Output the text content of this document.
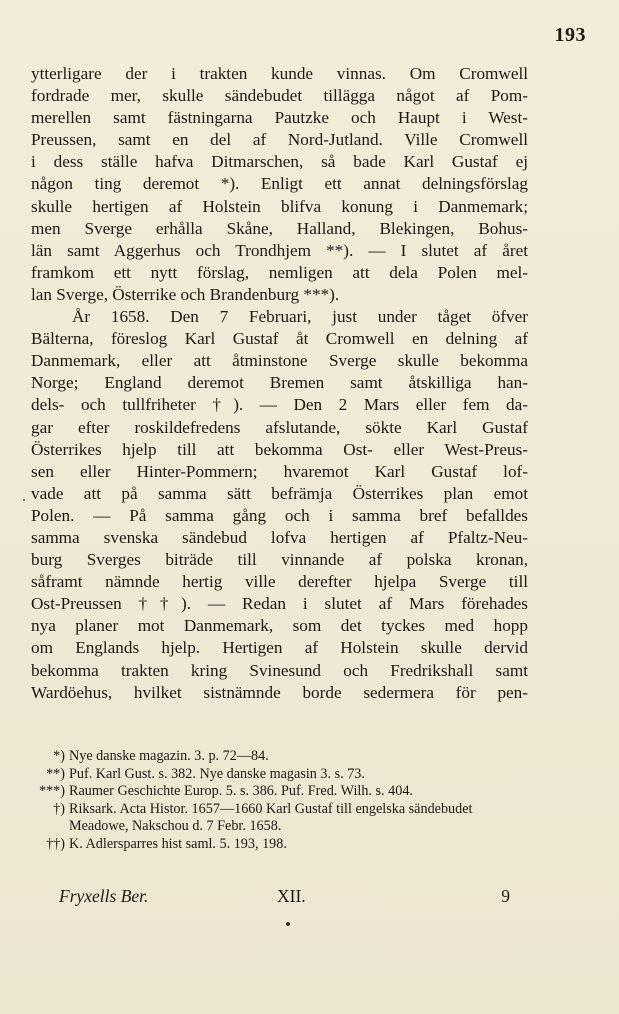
193
ytterligare der i trakten kunde vinnas. Om Cromwell
fordrade mer, skulle sändebudet tillägga något af Pom-
merellen samt fästningarna Pautzke och Haupt i West-
Preussen, samt en del af Nord-Jutland. Ville Cromwell
i dess ställe hafva Ditmarschen, så bade Karl Gustaf ej
någon ting deremot *). Enligt ett annat delningsförslag
skulle hertigen af Holstein blifva konung i Danmemark;
men Sverge erhålla Skåne, Halland, Blekingen, Bohus-
län samt Aggerhus och Trondhjem **). — I slutet af året
framkom ett nytt förslag, nemligen att dela Polen mel-
lan Sverge, Österrike och Brandenburg ***).
År 1658. Den 7 Februari, just under tåget öfver
Bälterna, föreslog Karl Gustaf åt Cromwell en delning af
Danmemark, eller att åtminstone Sverge skulle bekomma
Norge; England deremot Bremen samt åtskilliga han-
dels- och tullfriheter †). — Den 2 Mars eller fem da-
gar efter roskildefredens afslutande, sökte Karl Gustaf
Österrikes hjelp till att bekomma Ost- eller West-Preus-
sen eller Hinter-Pommern; hvaremot Karl Gustaf lof-
vade att på samma sätt befrämja Österrikes plan emot
Polen. — På samma gång och i samma bref befalldes
samma svenska sändebud lofva hertigen af Pfaltz-Neu-
burg Sverges biträde till vinnande af polska kronan,
såframt nämnde hertig ville derefter hjelpa Sverge till
Ost-Preussen ††). — Redan i slutet af Mars förehades
nya planer mot Danmemark, som det tyckes med hopp
om Englands hjelp. Hertigen af Holstein skulle dervid
bekomma trakten kring Svinesund och Fredrikshall samt
Wardöehus, hvilket sistnämnde borde sedermera för pen-
*) Nye danske magazin. 3. p. 72—84.
**) Puf. Karl Gust. s. 382. Nye danske magasin 3. s. 73.
***) Raumer Geschichte Europ. 5. s. 386. Puf. Fred. Wilh. s. 404.
†) Riksark. Acta Histor. 1657—1660 Karl Gustaf till engelska sändebudet Meadowe, Nakschou d. 7 Febr. 1658.
††) K. Adlersparres hist saml. 5. 193, 198.
Fryxells Ber.	XII.	9
